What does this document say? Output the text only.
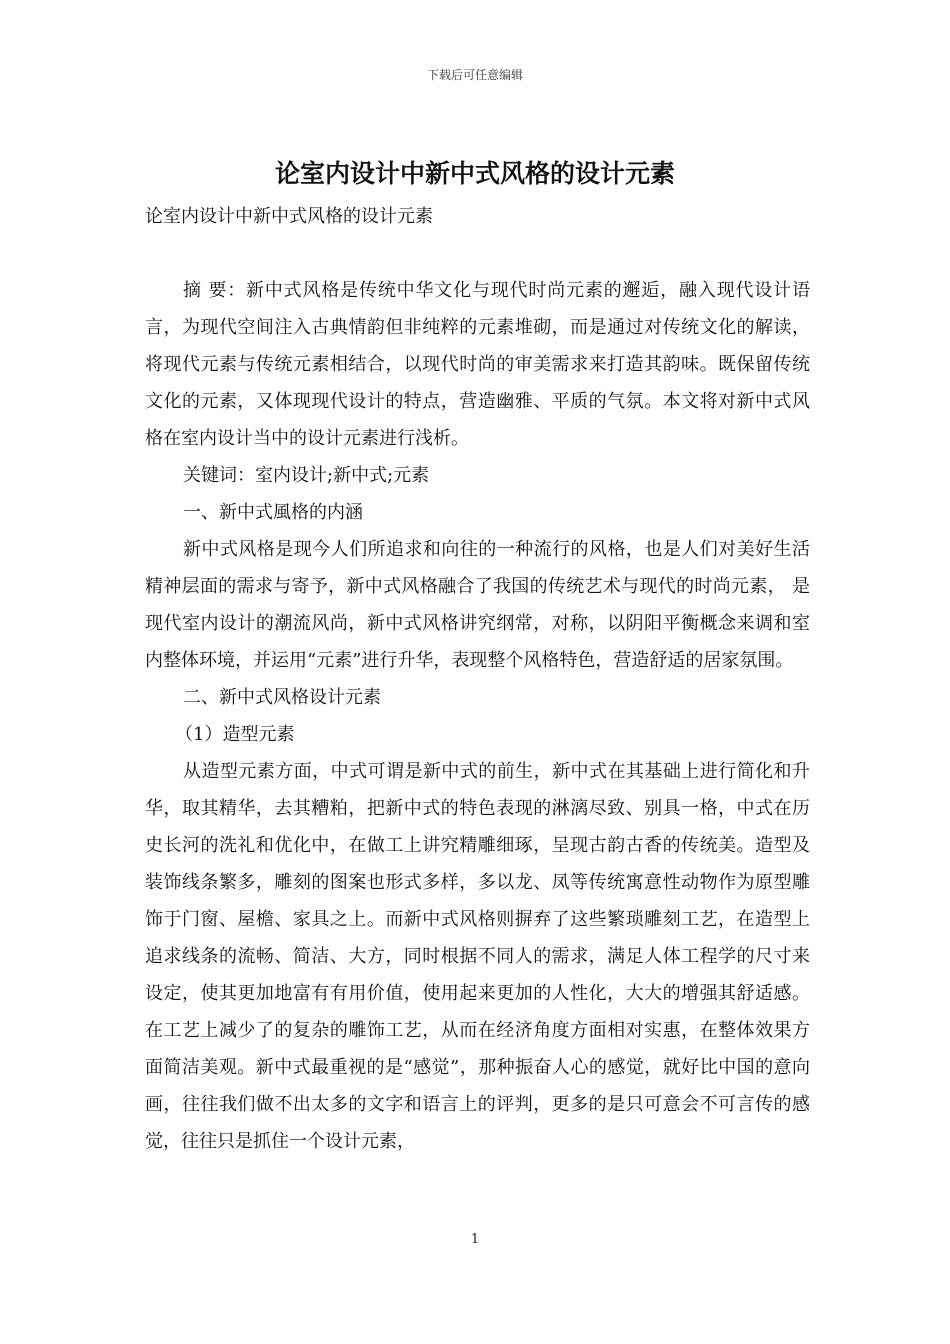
下载后可任意编辑
论室内设计中新中式风格的设计元素

论室内设计中新中式风格的设计元素

摘 要：新中式风格是传统中华文化与现代时尚元素的邂逅，融入现代设计语言，为现代空间注入古典情韵但非纯粹的元素堆砌，而是通过对传统文化的解读，将现代元素与传统元素相结合，以现代时尚的审美需求来打造其韵味。既保留传统文化的元素，又体现现代设计的特点，营造幽雅、平质的气氛。本文将对新中式风格在室内设计当中的设计元素进行浅析。

关键词：室内设计;新中式;元素

一、新中式風格的内涵

新中式风格是现今人们所追求和向往的一种流行的风格，也是人们对美好生活精神层面的需求与寄予，新中式风格融合了我国的传统艺术与现代的时尚元素， 是现代室内设计的潮流风尚，新中式风格讲究纲常，对称，以阴阳平衡概念来调和室内整体环境，并运用“元素”进行升华，表现整个风格特色，营造舒适的居家氛围。

二、新中式风格设计元素

（1）造型元素

从造型元素方面，中式可谓是新中式的前生，新中式在其基础上进行简化和升华，取其精华，去其糟粕，把新中式的特色表现的淋漓尽致、别具一格，中式在历史长河的洗礼和优化中，在做工上讲究精雕细琢，呈现古韵古香的传统美。造型及装饰线条繁多，雕刻的图案也形式多样，多以龙、凤等传统寓意性动物作为原型雕饰于门窗、屋檐、家具之上。而新中式风格则摒弃了这些繁琐雕刻工艺，在造型上追求线条的流畅、简洁、大方，同时根据不同人的需求，满足人体工程学的尺寸来设定，使其更加地富有有用价值，使用起来更加的人性化，大大的增强其舒适感。在工艺上减少了的复杂的雕饰工艺，从而在经济角度方面相对实惠，在整体效果方面简洁美观。新中式最重视的是“感觉”，那种振奋人心的感觉，就好比中国的意向画，往往我们做不出太多的文字和语言上的评判，更多的是只可意会不可言传的感觉，往往只是抓住一个设计元素，

1
